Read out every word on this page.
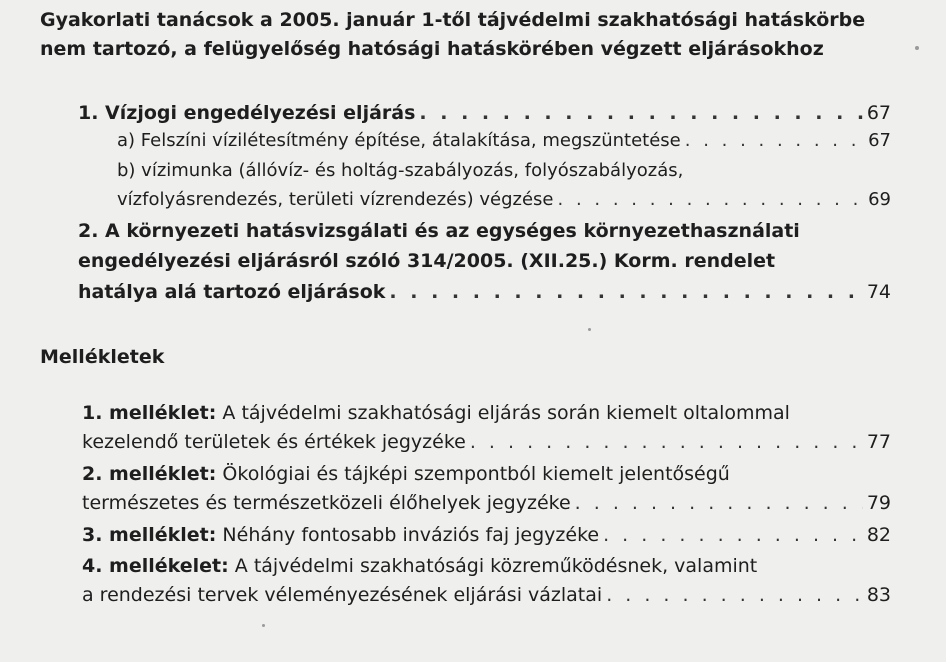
Gyakorlati tanácsok a 2005. január 1-től tájvédelmi szakhatósági hatáskörbe
nem tartozó, a felügyelőség hatósági hatáskörében végzett eljárásokhoz
1. Vízjogi engedélyezési eljárás . . .	67
a) Felszíni vízilétesítmény építése, átalakítása, megszüntetése . . .	67
b) vízimunka (állóvíz- és holtág-szabályozás, folyószabályozás,
vízfolyásrendezés, területi vízrendezés) végzése . . .	69
2. A környezeti hatásvizsgálati és az egységes környezethasználati
engedélyezési eljárásról szóló 314/2005. (XII.25.) Korm. rendelet
hatálya alá tartozó eljárások . . .	74
Mellékletek
1. melléklet: A tájvédelmi szakhatósági eljárás során kiemelt oltalommal
kezelendő területek és értékek jegyzéke . . .	77
2. melléklet: Ökológiai és tájképi szempontból kiemelt jelentőségű
természetes és természetközeli élőhelyek jegyzéke . . .	79
3. melléklet: Néhány fontosabb inváziós faj jegyzéke . . .	82
4. mellékelet: A tájvédelmi szakhatósági közreműködésnek, valamint
a rendezési tervek véleményezésének eljárási vázlatai . . .	83
